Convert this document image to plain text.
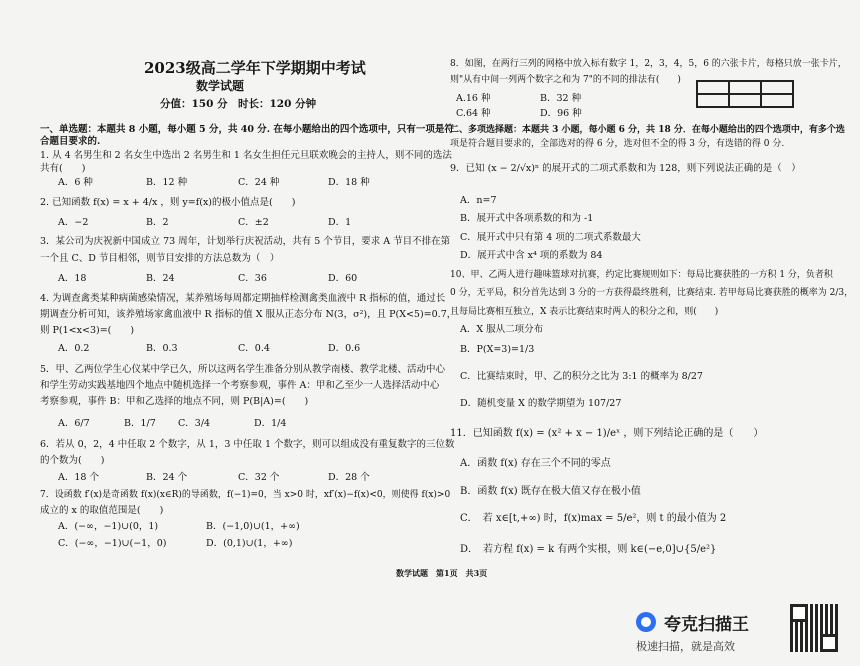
2023级高二学年下学期期中考试
数学试题
分值：150 分 时长：120 分钟
一、单选题：本题共 8 小题，每小题 5 分，共 40 分. 在每小题给出的四个选项中，只有一项是符
合题目要求的.
1. 从 4 名男生和 2 名女生中选出 2 名男生和 1 名女生担任元旦联欢晚会的主持人，则不同的选法
共有(　　)
A．6 种	B．12 种	C．24 种	D．18 种
2. 已知函数 f(x) = x + 4/x ，则 y=f(x)的极小值点是(　　)
A．−2	B．2	C．±2	D．1
3．某公司为庆祝新中国成立 73 周年，计划举行庆祝活动，共有 5 个节目，要求 A 节目不排在第
一个且 C、D 节目相邻，则节目安排的方法总数为（　）
A．18	B．24	C．36	D．60
4. 为调查禽类某种病菌感染情况，某养殖场每周都定期抽样检测禽类血液中 R 指标的值，通过长
期调查分析可知，该养殖场家禽血液中 R 指标的值 X 服从正态分布 N(3，σ²)，且 P(X<5)=0.7，
则 P(1<x<3)=(　　)
A．0.2	B．0.3	C．0.4	D．0.6
5．甲、乙两位学生心仪某中学已久，所以这两名学生准备分别从教学南楼、教学北楼、活动中心
和学生劳动实践基地四个地点中随机选择一个考察参观，事件 A：甲和乙至少一人选择活动中心
考察参观，事件 B：甲和乙选择的地点不同，则 P(B|A)=(　　)
A．6/7	B．1/7 C．3/4	D．1/4
6．若从 0，2，4 中任取 2 个数字，从 1，3 中任取 1 个数字，则可以组成没有重复数字的三位数
的个数为(　　)
A．18 个	B．24 个	C．32 个	D．28 个
7．设函数 f′(x)是奇函数 f(x)(x∈R)的导函数，f(−1)=0，当 x>0 时，xf′(x)−f(x)<0，则使得 f(x)>0
成立的 x 的取值范围是(　　)
A．(−∞，−1)∪(0，1)	B．(−1,0)∪(1，+∞)
C．(−∞，−1)∪(−1，0)	D．(0,1)∪(1，+∞)
8．如图，在两行三列的网格中放入标有数字 1，2，3，4，5，6 的六张卡片，每格只放一张卡片，
则"从有中间一列两个数字之和为 7"的不同的排法有(　　)
A.16 种	B．32 种
C.64 种	D．96 种
二、多项选择题：本题共 3 小题，每小题 6 分，共 18 分．在每小题给出的四个选项中，有多个选
项是符合题目要求的，全部选对的得 6 分，选对但不全的得 3 分，有选错的得 0 分.
9．已知 (x − 2/√x)ⁿ 的展开式的二项式系数和为 128，则下列说法正确的是（　）
A．n=7
B．展开式中各项系数的和为 -1
C．展开式中只有第 4 项的二项式系数最大
D．展开式中含 x⁴ 项的系数为 84
10、甲、乙两人进行趣味篮球对抗赛，约定比赛规则如下：每局比赛获胜的一方积 1 分，负者积
0 分，无平局，积分首先达到 3 分的一方获得最终胜利，比赛结束. 若甲每局比赛获胜的概率为 2/3，
且每局比赛相互独立，X 表示比赛结束时两人的积分之和，则(　　)
A．X 服从二项分布
B．P(X=3)=1/3
C．比赛结束时，甲、乙的积分之比为 3:1 的概率为 8/27
D．随机变量 X 的数学期望为 107/27
11．已知函数 f(x) = (x² + x − 1)/eˣ ，则下列结论正确的是（　　）
A．函数 f(x) 存在三个不同的零点
B．函数 f(x) 既存在极大值又存在极小值
C．　若 x∈[t,+∞) 时，f(x)max = 5/e²，则 t 的最小值为 2
D．　若方程 f(x) = k 有两个实根，则 k∈(−e,0]∪{5/e²}
数学试题　第1页　共3页
夸克扫描王
极速扫描，就是高效
